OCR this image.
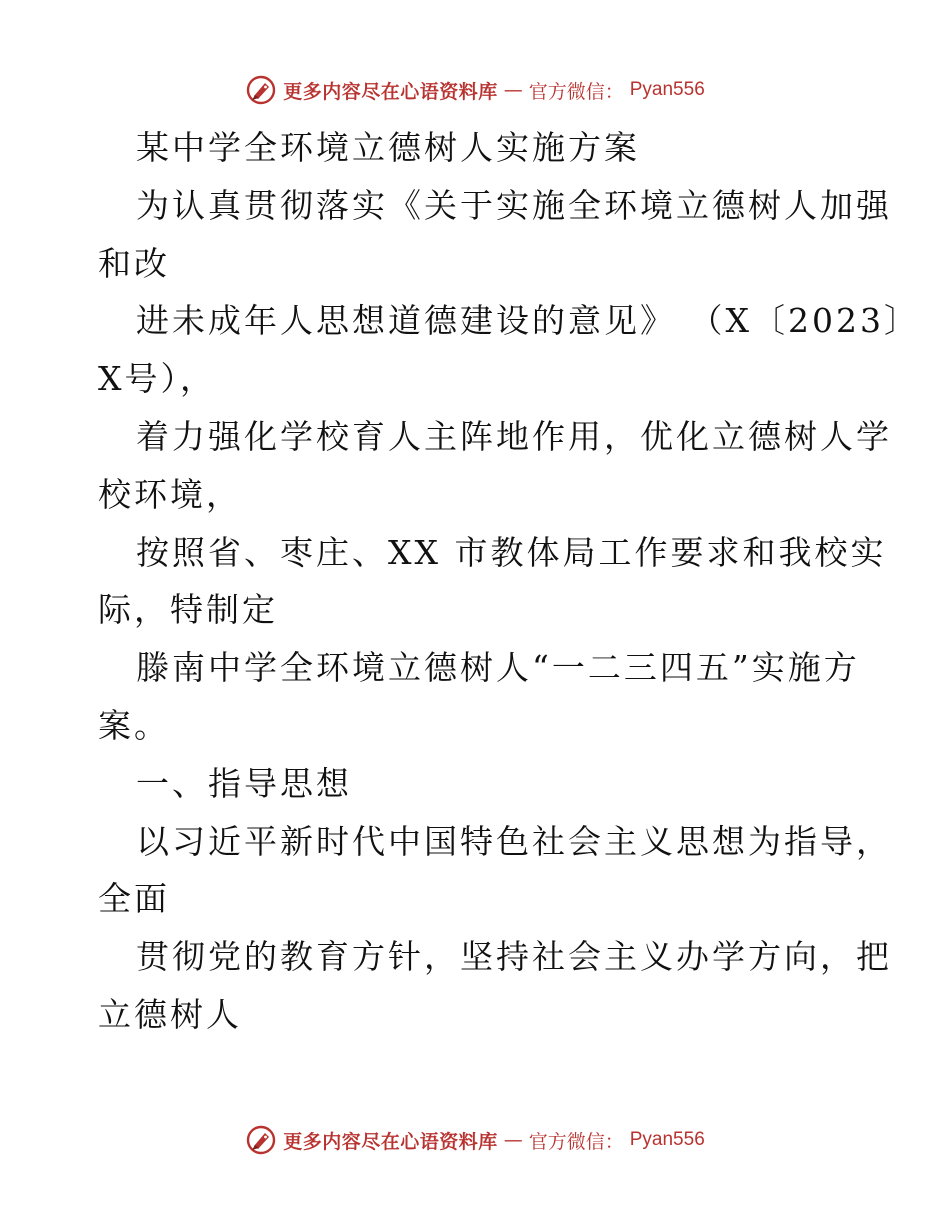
更多内容尽在心语资料库 — 官方微信： Pyan556
某中学全环境立德树人实施方案
为认真贯彻落实《关于实施全环境立德树人加强
和改
进未成年人思想道德建设的意见》 （X〔2023〕
X号），
着力强化学校育人主阵地作用，优化立德树人学
校环境，
按照省、枣庄、XX 市教体局工作要求和我校实
际，特制定
滕南中学全环境立德树人“一二三四五”实施方
案。
一、指导思想
以习近平新时代中国特色社会主义思想为指导，
全面
贯彻党的教育方针，坚持社会主义办学方向，把
立德树人
更多内容尽在心语资料库 — 官方微信： Pyan556
